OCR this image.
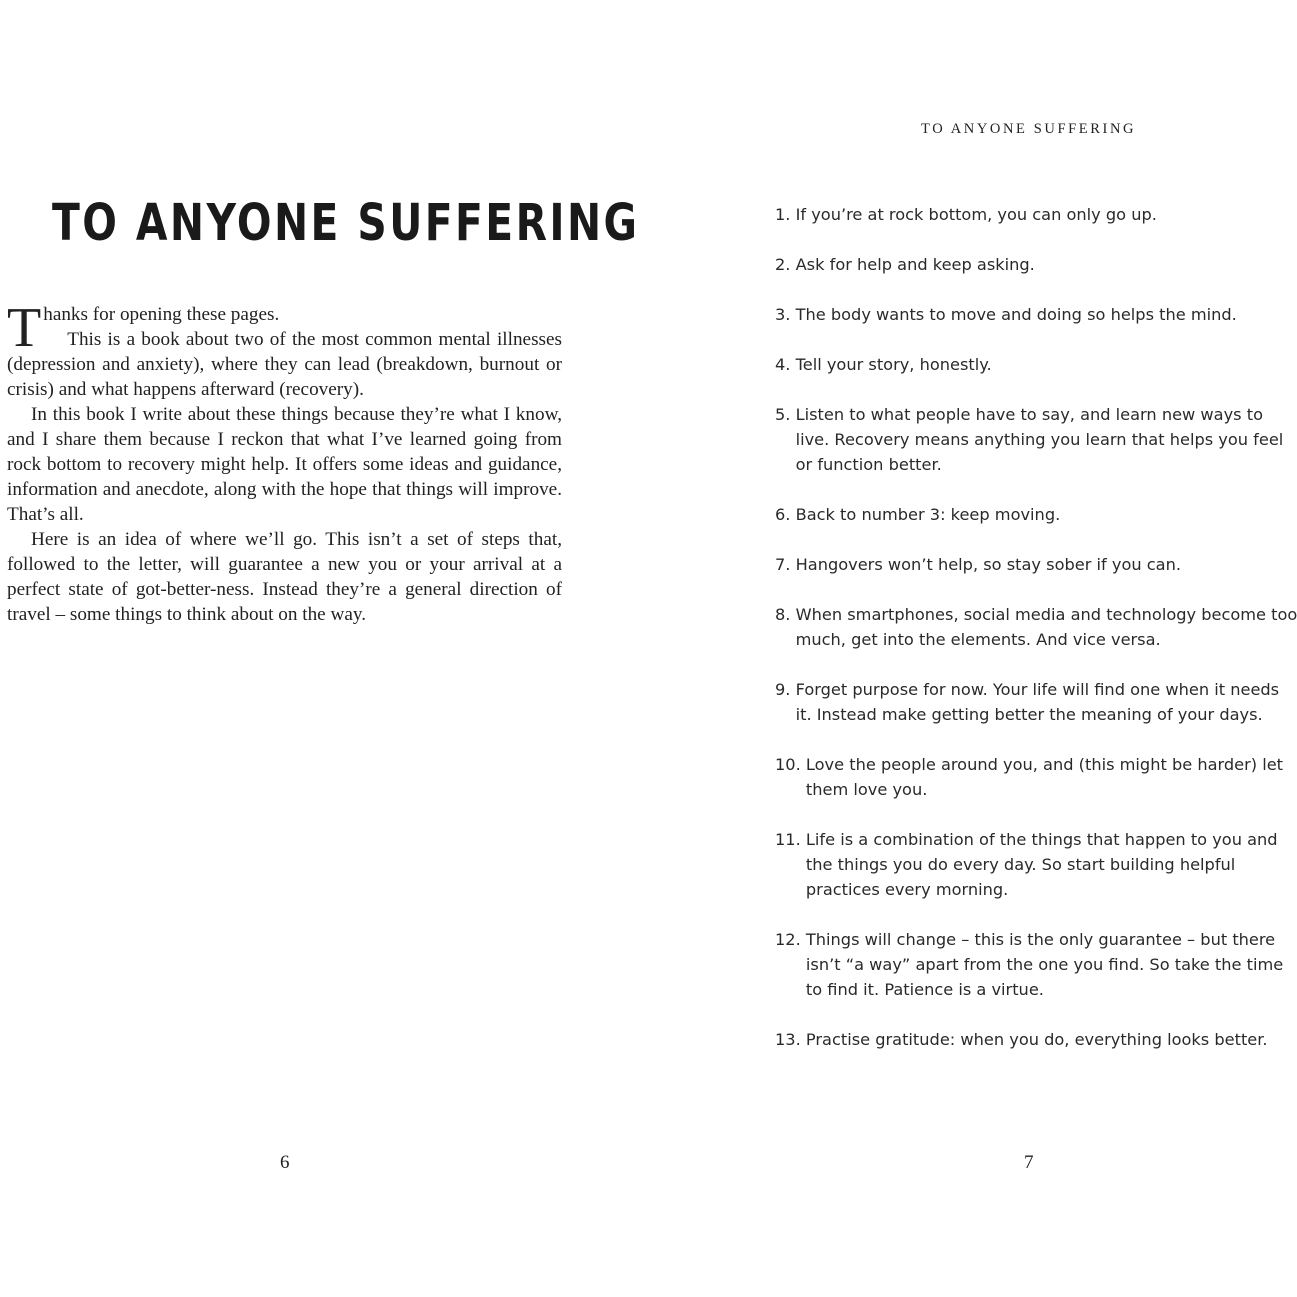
TO ANYONE SUFFERING

Thanks for opening these pages.

This is a book about two of the most common mental illnesses (depression and anxiety), where they can lead (breakdown, burnout or crisis) and what happens afterward (recovery).

In this book I write about these things because they’re what I know, and I share them because I reckon that what I’ve learned going from rock bottom to recovery might help. It offers some ideas and guidance, information and anecdote, along with the hope that things will improve. That’s all.

Here is an idea of where we’ll go. This isn’t a set of steps that, followed to the letter, will guarantee a new you or your arrival at a perfect state of got-better-ness. Instead they’re a general direction of travel – some things to think about on the way.

6

TO ANYONE SUFFERING

1.
If you’re at rock bottom, you can only go up.
2.
Ask for help and keep asking.
3.
The body wants to move and doing so helps the mind.
4.
Tell your story, honestly.
5.
Listen to what people have to say, and learn new ways to live. Recovery means anything you learn that helps you feel or function better.
6.
Back to number 3: keep moving.
7.
Hangovers won’t help, so stay sober if you can.
8.
When smartphones, social media and technology become too much, get into the elements. And vice versa.
9.
Forget purpose for now. Your life will find one when it needs it. Instead make getting better the meaning of your days.
10.
Love the people around you, and (this might be harder) let them love you.
11.
Life is a combination of the things that happen to you and the things you do every day. So start building helpful practices every morning.
12.
Things will change – this is the only guarantee – but there isn’t “a way” apart from the one you find. So take the time to find it. Patience is a virtue.
13.
Practise gratitude: when you do, everything looks better.

7
